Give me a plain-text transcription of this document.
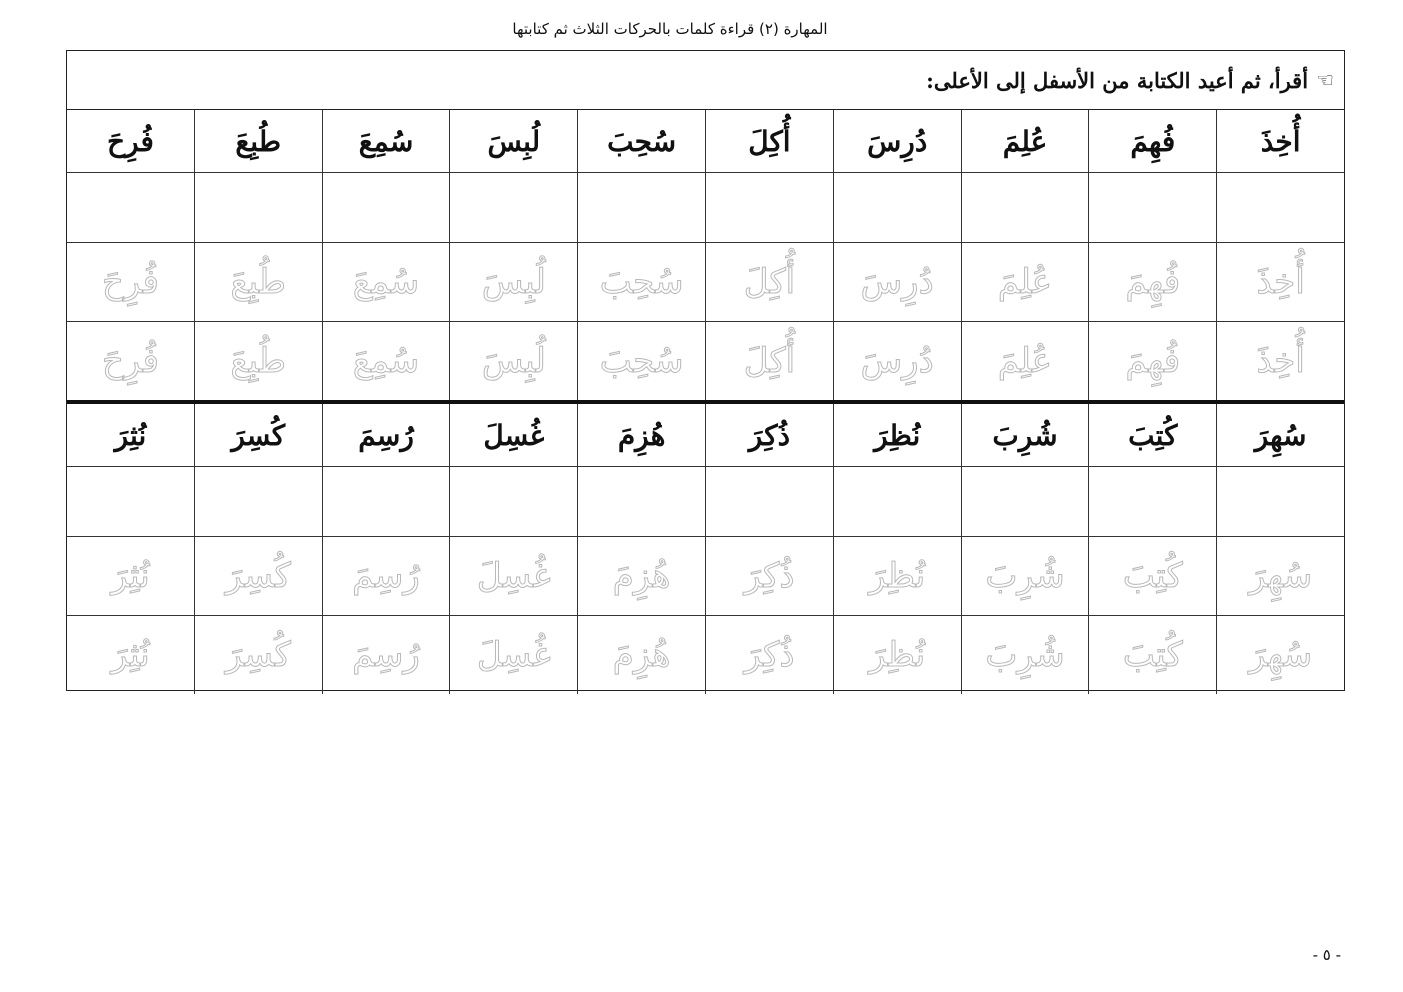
المهارة (٢) قراءة كلمات بالحركات الثلاث ثم كتابتها
☞
أقرأ، ثم أعيد الكتابة من الأسفل إلى الأعلى:
أُخِذَ
فُهِمَ
عُلِمَ
دُرِسَ
أُكِلَ
سُحِبَ
لُبِسَ
سُمِعَ
طُبِعَ
فُرِحَ
أُخِذَ
فُهِمَ
عُلِمَ
دُرِسَ
أُكِلَ
سُحِبَ
لُبِسَ
سُمِعَ
طُبِعَ
فُرِحَ
أُخِذَ
فُهِمَ
عُلِمَ
دُرِسَ
أُكِلَ
سُحِبَ
لُبِسَ
سُمِعَ
طُبِعَ
فُرِحَ
سُهِرَ
كُتِبَ
شُرِبَ
نُظِرَ
ذُكِرَ
هُزِمَ
غُسِلَ
رُسِمَ
كُسِرَ
نُثِرَ
سُهِرَ
كُتِبَ
شُرِبَ
نُظِرَ
ذُكِرَ
هُزِمَ
غُسِلَ
رُسِمَ
كُسِرَ
نُثِرَ
سُهِرَ
كُتِبَ
شُرِبَ
نُظِرَ
ذُكِرَ
هُزِمَ
غُسِلَ
رُسِمَ
كُسِرَ
نُثِرَ
- ٥ -
